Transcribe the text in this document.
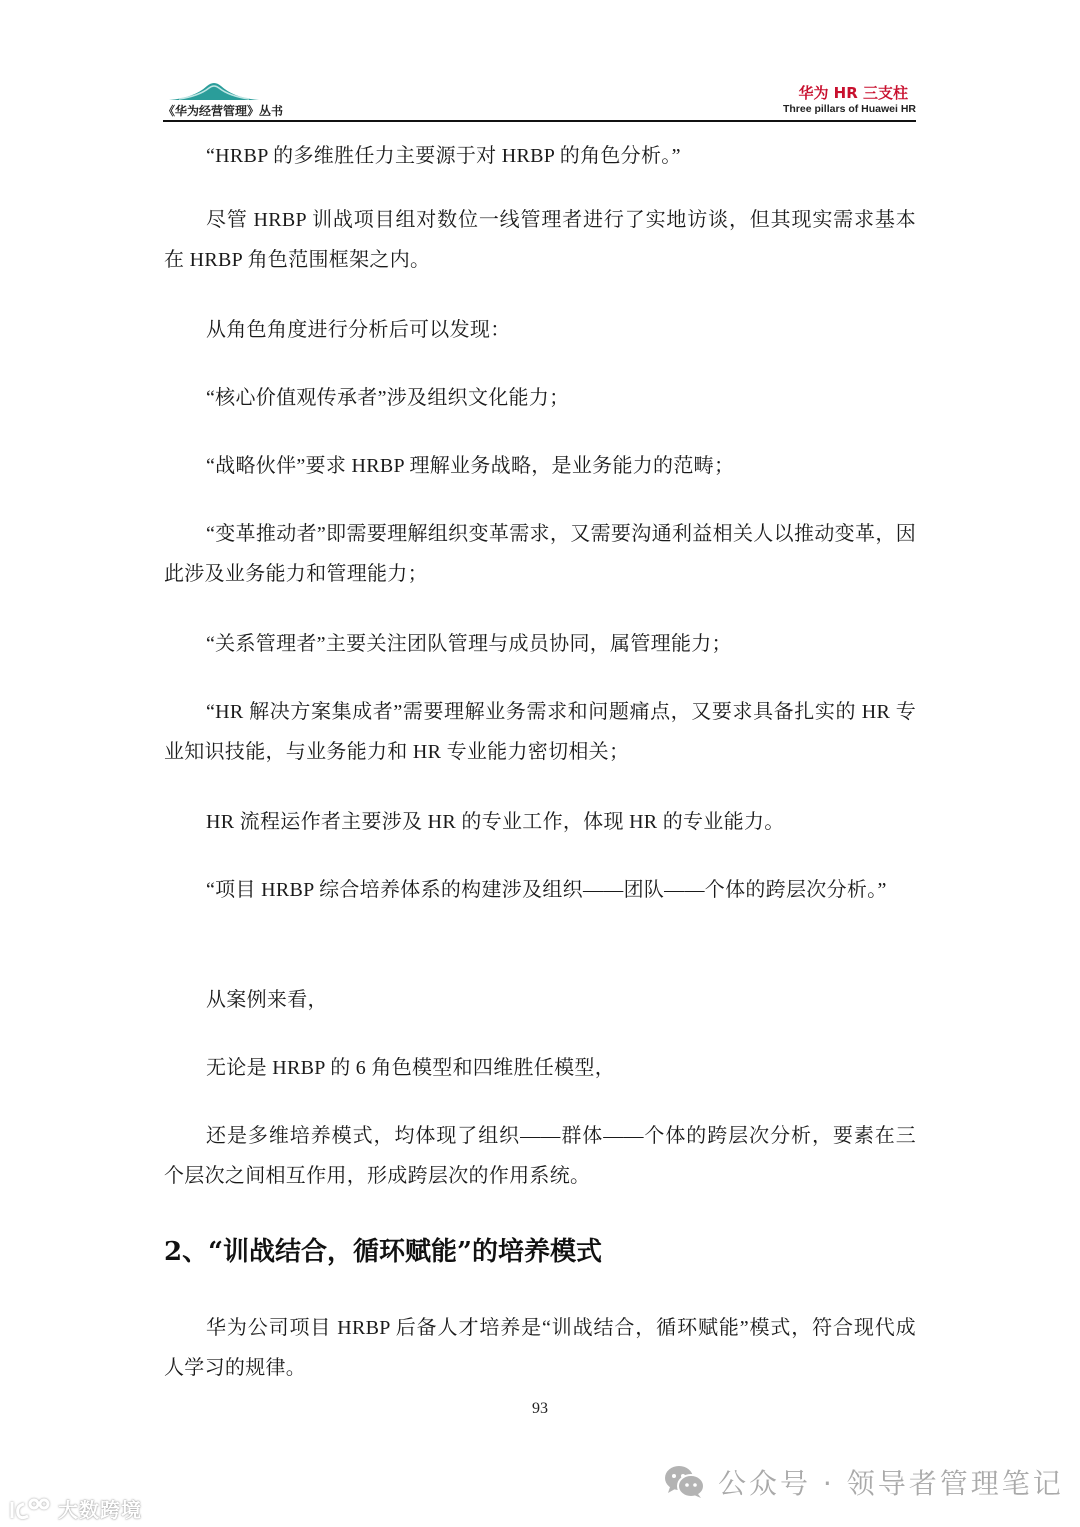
《华为经营管理》丛书
华为 HR 三支柱
Three pillars of Huawei HR

“HRBP 的多维胜任力主要源于对 HRBP 的角色分析。”

尽管 HRBP 训战项目组对数位一线管理者进行了实地访谈，但其现实需求基本在 HRBP 角色范围框架之内。

从角色角度进行分析后可以发现：

“核心价值观传承者”涉及组织文化能力；

“战略伙伴”要求 HRBP 理解业务战略，是业务能力的范畴；

“变革推动者”即需要理解组织变革需求，又需要沟通利益相关人以推动变革，因此涉及业务能力和管理能力；

“关系管理者”主要关注团队管理与成员协同，属管理能力；

“HR 解决方案集成者”需要理解业务需求和问题痛点，又要求具备扎实的 HR 专业知识技能，与业务能力和 HR 专业能力密切相关；

HR 流程运作者主要涉及 HR 的专业工作，体现 HR 的专业能力。

“项目 HRBP 综合培养体系的构建涉及组织——团队——个体的跨层次分析。”

从案例来看，

无论是 HRBP 的 6 角色模型和四维胜任模型，

还是多维培养模式，均体现了组织——群体——个体的跨层次分析，要素在三个层次之间相互作用，形成跨层次的作用系统。

华为公司项目 HRBP 后备人才培养是“训战结合，循环赋能”模式，符合现代成人学习的规律。

2、“训战结合，循环赋能”的培养模式
93
大数跨境
公众号 · 领导者管理笔记
